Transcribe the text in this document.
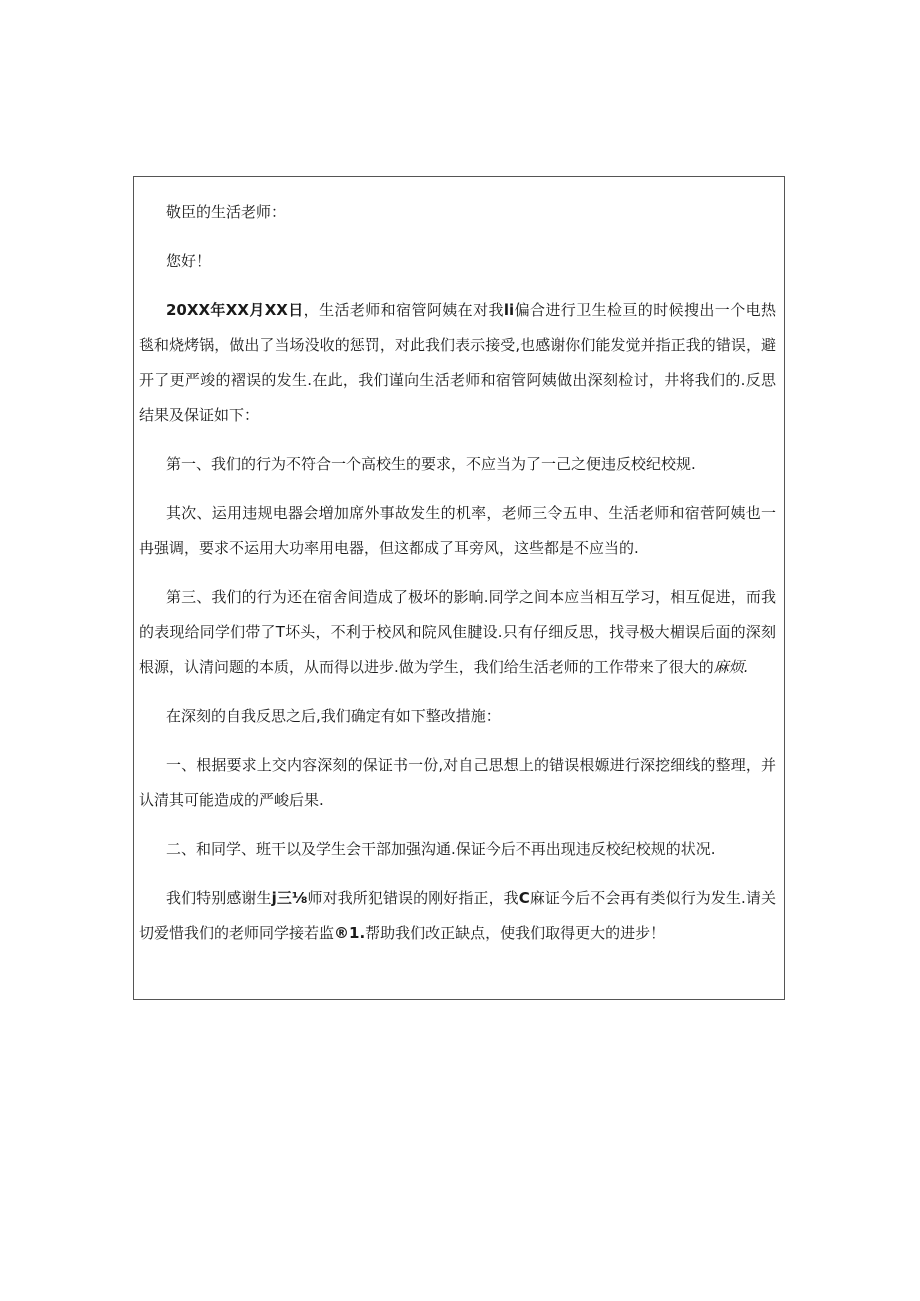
敬臣的生活老师：

您好！

20XX年XX月XX日，生活老师和宿管阿姨在对我li偏合进行卫生检亘的时候搜出一个电热毯和烧烤锅，做出了当场没收的惩罚，对此我们表示接受,也感谢你们能发觉并指正我的错误，避开了更严竣的褶误的发生.在此，我们谨向生活老师和宿管阿姨做出深刻检讨，井将我们的.反思结果及保证如下：

第一、我们的行为不符合一个高校生的要求，不应当为了一己之便违反校纪校规.

其次、运用违规电器会増加席外事故发生的机率，老师三令五申、生活老师和宿菅阿姨也一冉强调，要求不运用大功率用电器，但这都成了耳旁风，这些都是不应当的.

第三、我们的行为还在宿舍间造成了极坏的影晌.同学之间本应当相互学习，相互促进，而我的表现给同学们带了T坏头，不利于校风和院风隹腱设.只有仔细反思，找寻极大楣误后面的深刻根源，认清问题的本质，从而得以进步.做为学生，我们给生活老师的工作带来了很大的麻烦.

在深刻的自我反思之后,我们确定有如下整改措施：

一、根据要求上交内容深刻的保证书一份,对自己思想上的错误根嫄进行深挖细线的整理，并认清其可能造成的严峻后果.

二、和同学、班干以及学生会干部加强沟通.保证今后不再出现违反校纪校规的状况.

我们特别感谢生j三⅛师对我所犯错误的刚好指正，我C麻证今后不会再有类似行为发生.请关切爱惜我们的老师同学接若监®1.帮助我们改正缺点，使我们取得更大的进步！
